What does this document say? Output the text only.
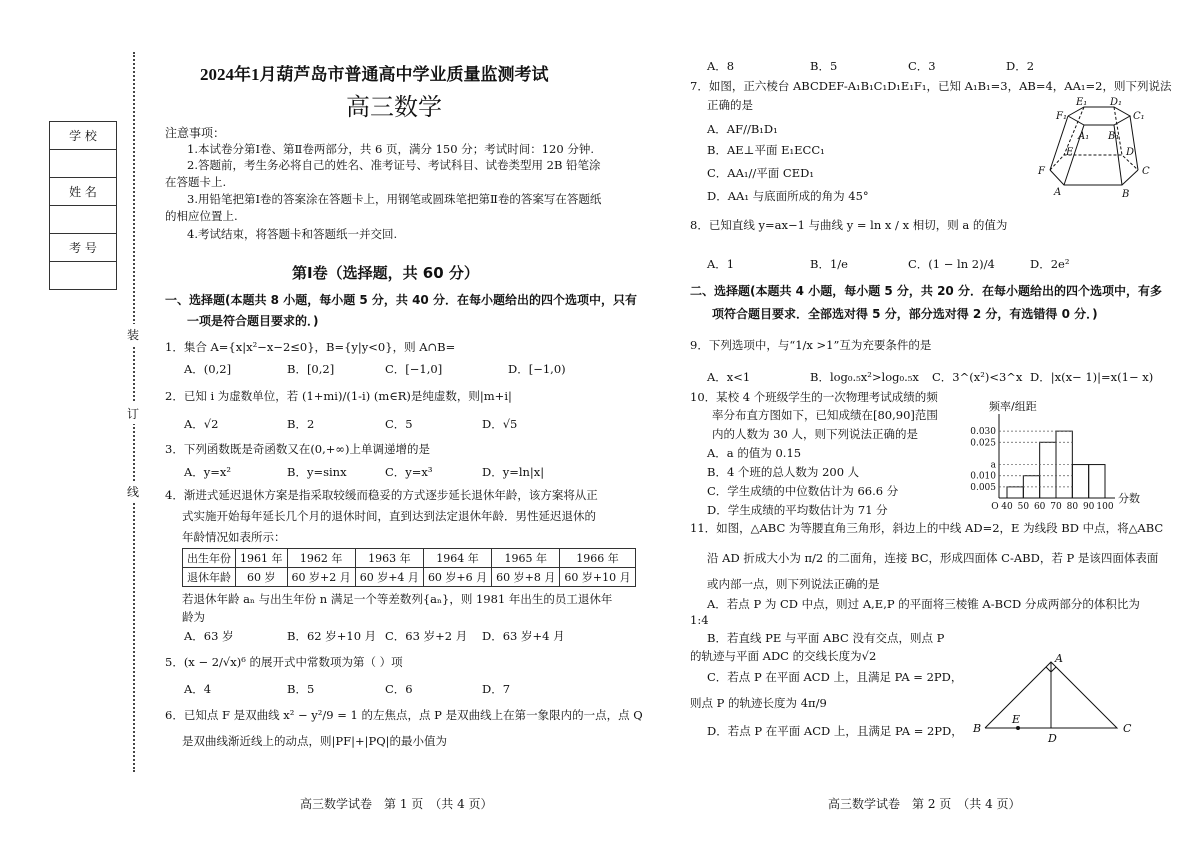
装
订
线
学 校

姓 名

考 号

2024年1月葫芦岛市普通高中学业质量监测考试
高三数学
注意事项：
1.本试卷分第Ⅰ卷、第Ⅱ卷两部分，共 6 页，满分 150 分；考试时间：120 分钟.
2.答题前，考生务必将自己的姓名、准考证号、考试科目、试卷类型用 2B 铅笔涂
在答题卡上.
3.用铅笔把第Ⅰ卷的答案涂在答题卡上，用钢笔或圆珠笔把第Ⅱ卷的答案写在答题纸
的相应位置上.
4.考试结束，将答题卡和答题纸一并交回.
第Ⅰ卷（选择题，共 60 分）
一、选择题(本题共 8 小题，每小题 5 分，共 40 分．在每小题给出的四个选项中，只有
一项是符合题目要求的．)
1．集合 A={x|x²−x−2≤0}，B={y|y<0}，则 A∩B=
A．(0,2]	B．[0,2]	C．[−1,0]	D．[−1,0)
2．已知 i 为虚数单位，若 (1+mi)/(1-i) (m∈R)是纯虚数，则|m+i|
A．√2	B．2	C．5	D．√5
3．下列函数既是奇函数又在(0,+∞)上单调递增的是
A．y=x²	B．y=sinx	C．y=x³	D．y=ln|x|
4．渐进式延迟退休方案是指采取较缓而稳妥的方式逐步延长退休年龄，该方案将从正
式实施开始每年延长几个月的退休时间，直到达到法定退休年龄．男性延迟退休的
年龄情况如表所示：
出生年份	1961 年	1962 年	1963 年	1964 年	1965 年	1966 年
退休年龄	60 岁	60 岁+2 月	60 岁+4 月	60 岁+6 月	60 岁+8 月	60 岁+10 月
若退休年龄 aₙ 与出生年份 n 满足一个等差数列{aₙ}，则 1981 年出生的员工退休年
龄为
A．63 岁	B．62 岁+10 月 C．63 岁+2 月 D．63 岁+4 月
5．(x − 2/√x)⁶ 的展开式中常数项为第（ ）项
A．4	B．5	C．6	D．7
6．已知点 F 是双曲线 x² − y²/9 = 1 的左焦点，点 P 是双曲线上在第一象限内的一点，点 Q
是双曲线渐近线上的动点，则|PF|+|PQ|的最小值为
高三数学试卷　第 1 页　（共 4 页）
A．8	B．5	C．3	D．2
7．如图，正六棱台 ABCDEF-A₁B₁C₁D₁E₁F₁，已知 A₁B₁=3，AB=4，AA₁=2，则下列说法
正确的是
A．AF//B₁D₁
B．AE⊥平面 E₁ECC₁
C．AA₁//平面 CED₁
D．AA₁ 与底面所成的角为 45°
E₁ D₁
F₁	C₁
A₁ B₁
E	D
F	C
A	B
8．已知直线 y=ax−1 与曲线 y = ln x / x 相切，则 a 的值为
A．1	B．1/e	C．(1 − ln 2)/4	D．2e²
二、选择题(本题共 4 小题，每小题 5 分，共 20 分．在每小题给出的四个选项中，有多
项符合题目要求．全部选对得 5 分，部分选对得 2 分，有选错得 0 分．)
9．下列选项中，与“1/x >1”互为充要条件的是
A．x<1	B．log₀.₅x²>log₀.₅x C．3^(x²)<3^x D．|x(x− 1)|=x(1− x)
10．某校 4 个班级学生的一次物理考试成绩的频
率分布直方图如下，已知成绩在[80,90]范围
内的人数为 30 人，则下列说法正确的是
A．a 的值为 0.15
B．4 个班的总人数为 200 人
C．学生成绩的中位数估计为 66.6 分
D．学生成绩的平均数估计为 71 分
频率/组距
0.030
0.025
a
0.010
0.005
O 40 50 60 70 80 90 100
分数
11．如图，△ABC 为等腰直角三角形，斜边上的中线 AD=2，E 为线段 BD 中点，将△ABC
沿 AD 折成大小为 π/2 的二面角，连接 BC，形成四面体 C-ABD，若 P 是该四面体表面
或内部一点，则下列说法正确的是
A．若点 P 为 CD 中点，则过 A,E,P 的平面将三棱锥 A-BCD 分成两部分的体积比为
1:4
B．若直线 PE 与平面 ABC 没有交点，则点 P
的轨迹与平面 ADC 的交线长度为√2
C．若点 P 在平面 ACD 上，且满足 PA = 2PD，
则点 P 的轨迹长度为 4π/9
D．若点 P 在平面 ACD 上，且满足 PA = 2PD，
A
B	C
D
E
高三数学试卷　第 2 页　（共 4 页）
